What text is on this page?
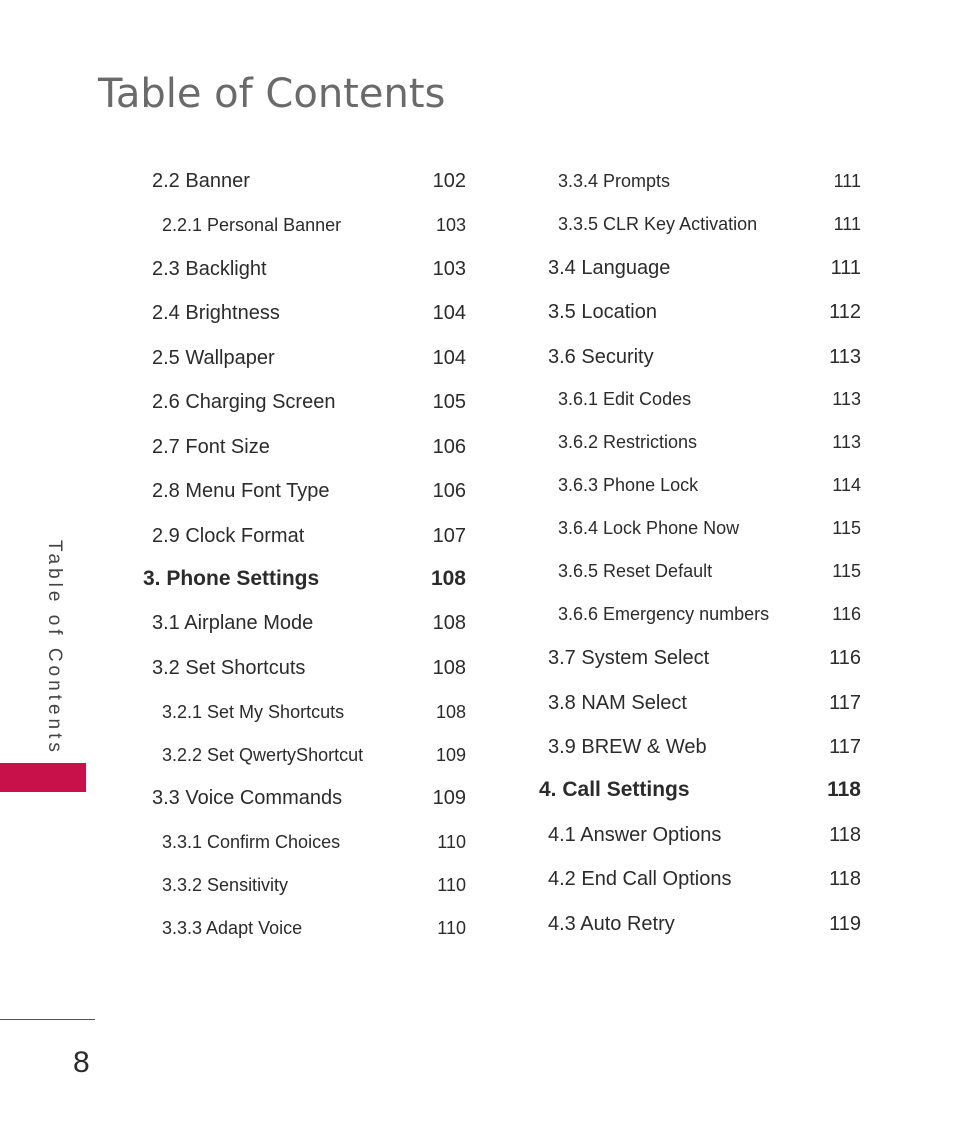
Table of Contents
2.2 Banner	102
2.2.1 Personal Banner	103
2.3 Backlight	103
2.4 Brightness	104
2.5 Wallpaper	104
2.6 Charging Screen	105
2.7 Font Size	106
2.8 Menu Font Type	106
2.9 Clock Format	107
3. Phone Settings	108
3.1 Airplane Mode	108
3.2 Set Shortcuts	108
3.2.1 Set My Shortcuts	108
3.2.2 Set QwertyShortcut	109
3.3 Voice Commands	109
3.3.1 Confirm Choices	110
3.3.2 Sensitivity	110
3.3.3 Adapt Voice	110
3.3.4 Prompts	111
3.3.5 CLR Key Activation	111
3.4 Language	111
3.5 Location	112
3.6 Security	113
3.6.1 Edit Codes	113
3.6.2 Restrictions	113
3.6.3 Phone Lock	114
3.6.4 Lock Phone Now	115
3.6.5 Reset Default	115
3.6.6 Emergency numbers	116
3.7 System Select	116
3.8 NAM Select	117
3.9 BREW & Web	117
4. Call Settings	118
4.1 Answer Options	118
4.2 End Call Options	118
4.3 Auto Retry	119
Table of Contents
8
